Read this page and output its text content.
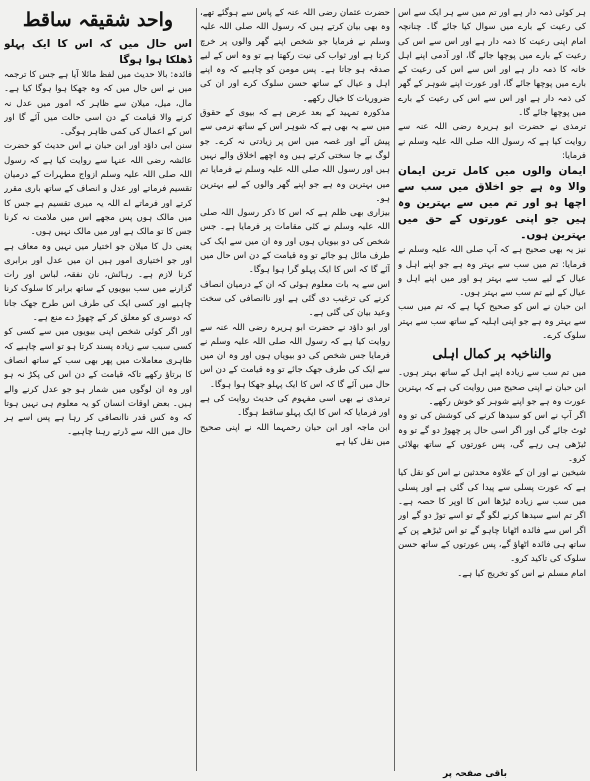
ہر کوئی ذمہ دار ہے اور تم میں سے ہر ایک سے اس کی رعیت کے بارے میں سوال کیا جائے گا۔ چنانچہ امام اپنی رعیت کا ذمہ دار ہے اور اس سے اس کی رعیت کے بارے میں پوچھا جائے گا، اور آدمی اپنے اہل خانہ کا ذمہ دار ہے اور اس سے اس کی رعیت کے بارے میں پوچھا جائے گا، اور عورت اپنے شوہر کے گھر کی ذمہ دار ہے اور اس سے اس کی رعیت کے بارے میں پوچھا جائے گا۔

ترمذی نے حضرت ابو ہریرہ رضی اللہ عنہ سے روایت کیا ہے کہ رسول اللہ صلی اللہ علیہ وسلم نے فرمایا:

ایمان والوں میں کامل ترین ایمان والا وہ ہے جو اخلاق میں سب سے اچھا ہو اور تم میں سے بہترین وہ ہیں جو اپنی عورتوں کے حق میں بہترین ہوں۔

نیز یہ بھی صحیح ہے کہ آپ صلی اللہ علیہ وسلم نے فرمایا: تم میں سب سے بہتر وہ ہے جو اپنے اہل و عیال کے لیے سب سے بہتر ہو اور میں اپنے اہل و عیال کے لیے تم سب سے بہتر ہوں۔

ابن حبان نے اس کو صحیح کہا ہے کہ تم میں سب سے بہتر وہ ہے جو اپنی اہلیہ کے ساتھ سب سے بہتر سلوک کرے۔

والناخبہ بر کمال اہلی

میں تم سب سے زیادہ اپنے اہل کے ساتھ بہتر ہوں۔ ابن حبان نے اپنی صحیح میں روایت کی ہے کہ بہترین عورت وہ ہے جو اپنے شوہر کو خوش رکھے۔

اگر آپ نے اس کو سیدھا کرنے کی کوشش کی تو وہ ٹوٹ جائے گی اور اگر اسی حال پر چھوڑ دو گے تو وہ ٹیڑھی ہی رہے گی، پس عورتوں کے ساتھ بھلائی کرو۔

شیخین نے اور ان کے علاوہ محدثین نے اس کو نقل کیا ہے کہ عورت پسلی سے پیدا کی گئی ہے اور پسلی میں سب سے زیادہ ٹیڑھا اس کا اوپر کا حصہ ہے۔ اگر تم اسے سیدھا کرنے لگو گے تو اسے توڑ دو گے اور اگر اس سے فائدہ اٹھانا چاہو گے تو اس ٹیڑھے پن کے ساتھ ہی فائدہ اٹھاؤ گے، پس عورتوں کے ساتھ حسن سلوک کی تاکید کرو۔

امام مسلم نے اس کو تخریج کیا ہے۔

حضرت عثمان رضی اللہ عنہ کے پاس سے ہوگئے تھے، وہ بھی بیان کرتے ہیں کہ رسول اللہ صلی اللہ علیہ وسلم نے فرمایا جو شخص اپنے گھر والوں پر خرچ کرتا ہے اور ثواب کی نیت رکھتا ہے تو وہ اس کے لیے صدقہ ہو جاتا ہے۔ پس مومن کو چاہیے کہ وہ اپنے اہل و عیال کے ساتھ حسن سلوک کرے اور ان کی ضروریات کا خیال رکھے۔

مذکورہ تمہید کے بعد عرض ہے کہ بیوی کے حقوق میں سے یہ بھی ہے کہ شوہر اس کے ساتھ نرمی سے پیش آئے اور غصہ میں اس پر زیادتی نہ کرے۔ جو لوگ بے جا سختی کرتے ہیں وہ اچھے اخلاق والے نہیں ہیں اور رسول اللہ صلی اللہ علیہ وسلم نے فرمایا تم میں بہترین وہ ہے جو اپنے گھر والوں کے لیے بہترین ہو۔

بیزاری بھی ظلم ہے کہ اس کا ذکر رسول اللہ صلی اللہ علیہ وسلم نے کئی مقامات پر فرمایا ہے۔ جس شخص کی دو بیویاں ہوں اور وہ ان میں سے ایک کی طرف مائل ہو جائے تو وہ قیامت کے دن اس حال میں آئے گا کہ اس کا ایک پہلو گرا ہوا ہوگا۔

اس سے یہ بات معلوم ہوئی کہ ان کے درمیان انصاف کرنے کی ترغیب دی گئی ہے اور ناانصافی کی سخت وعید بیان کی گئی ہے۔

اور ابو داؤد نے حضرت ابو ہریرہ رضی اللہ عنہ سے روایت کیا ہے کہ رسول اللہ صلی اللہ علیہ وسلم نے فرمایا جس شخص کی دو بیویاں ہوں اور وہ ان میں سے ایک کی طرف جھک جائے تو وہ قیامت کے دن اس حال میں آئے گا کہ اس کا ایک پہلو جھکا ہوا ہوگا۔

ترمذی نے بھی اسی مفہوم کی حدیث روایت کی ہے اور فرمایا کہ اس کا ایک پہلو ساقط ہوگا۔

ابن ماجہ اور ابن حبان رحمہما اللہ نے اپنی صحیح میں نقل کیا ہے

واحد شقیقہ ساقط

اس حال میں کہ اس کا ایک پہلو ڈھلکا ہوا ہوگا

فائدہ: بالا حدیث میں لفظ مائلا آیا ہے جس کا ترجمہ میں نے اس حال میں کہ وہ جھکا ہوا ہوگا کیا ہے۔ مال، میل، میلان سے ظاہر کہ امور میں عدل نہ کرنے والا قیامت کے دن اسی حالت میں آئے گا اور اس کے اعمال کی کمی ظاہر ہوگی۔

سنن ابی داؤد اور ابن حبان نے اس حدیث کو حضرت عائشہ رضی اللہ عنہا سے روایت کیا ہے کہ رسول اللہ صلی اللہ علیہ وسلم ازواج مطہرات کے درمیان تقسیم فرماتے اور عدل و انصاف کے ساتھ باری مقرر کرتے اور فرماتے اے اللہ یہ میری تقسیم ہے جس کا میں مالک ہوں پس مجھے اس میں ملامت نہ کرنا جس کا تو مالک ہے اور میں مالک نہیں ہوں۔

یعنی دل کا میلان جو اختیار میں نہیں وہ معاف ہے اور جو اختیاری امور ہیں ان میں عدل اور برابری کرنا لازم ہے۔ رہائش، نان نفقہ، لباس اور رات گزارنے میں سب بیویوں کے ساتھ برابر کا سلوک کرنا چاہیے اور کسی ایک کی طرف اس طرح جھک جانا کہ دوسری کو معلق کر کے چھوڑ دے منع ہے۔

اور اگر کوئی شخص اپنی بیویوں میں سے کسی کو کسی سبب سے زیادہ پسند کرتا ہو تو اسے چاہیے کہ ظاہری معاملات میں پھر بھی سب کے ساتھ انصاف کا برتاؤ رکھے تاکہ قیامت کے دن اس کی پکڑ نہ ہو اور وہ ان لوگوں میں شمار ہو جو عدل کرنے والے ہیں۔ بعض اوقات انسان کو یہ معلوم ہی نہیں ہوتا کہ وہ کس قدر ناانصافی کر رہا ہے پس اسے ہر حال میں اللہ سے ڈرتے رہنا چاہیے۔

باقی صفحہ پر
